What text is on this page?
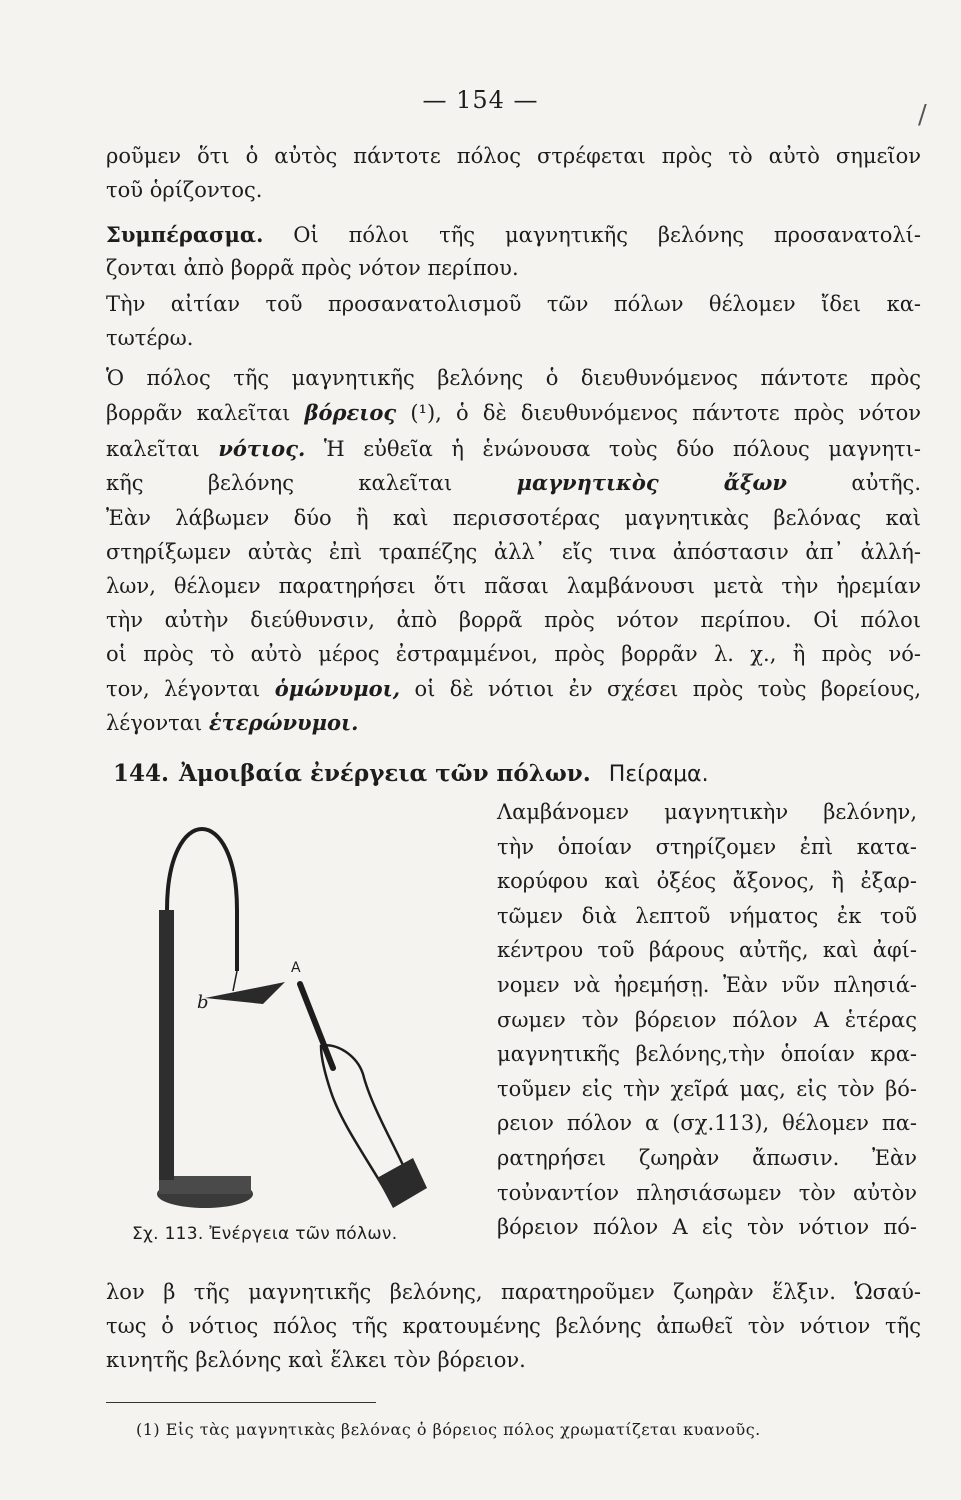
— 154 —
ροῦμεν ὅτι ὁ αὐτὸς πάντοτε πόλος στρέφεται πρὸς τὸ αὐτὸ σημεῖον
τοῦ ὁρίζοντος.
Συμπέρασμα. Οἱ πόλοι τῆς μαγνητικῆς βελόνης προσανατολί-
ζονται ἀπὸ βορρᾶ πρὸς νότον περίπου.
Τὴν αἰτίαν τοῦ προσανατολισμοῦ τῶν πόλων θέλομεν ἴδει κα-
τωτέρω.
Ὁ πόλος τῆς μαγνητικῆς βελόνης ὁ διευθυνόμενος πάντοτε πρὸς
βορρᾶν καλεῖται βόρειος (¹), ὁ δὲ διευθυνόμενος πάντοτε πρὸς νότον
καλεῖται νότιος. Ἡ εὐθεῖα ἡ ἑνώνουσα τοὺς δύο πόλους μαγνητι-
κῆς βελόνης καλεῖται μαγνητικὸς ἄξων αὐτῆς.
Ἐὰν λάβωμεν δύο ἢ καὶ περισσοτέρας μαγνητικὰς βελόνας καὶ
στηρίξωμεν αὐτὰς ἐπὶ τραπέζης ἀλλ᾿ εἴς τινα ἀπόστασιν ἀπ᾿ ἀλλή-
λων, θέλομεν παρατηρήσει ὅτι πᾶσαι λαμβάνουσι μετὰ τὴν ἠρεμίαν
τὴν αὐτὴν διεύθυνσιν, ἀπὸ βορρᾶ πρὸς νότον περίπου. Οἱ πόλοι
οἱ πρὸς τὸ αὐτὸ μέρος ἐστραμμένοι, πρὸς βορρᾶν λ. χ., ἢ πρὸς νό-
τον, λέγονται ὁμώνυμοι, οἱ δὲ νότιοι ἐν σχέσει πρὸς τοὺς βορείους,
λέγονται ἑτερώνυμοι.
144. Ἀμοιβαία ἐνέργεια τῶν πόλων. Πείραμα.
Λαμβάνομεν μαγνητικὴν βελόνην,
τὴν ὁποίαν στηρίζομεν ἐπὶ κατα-
κορύφου καὶ ὀξέος ἄξονος, ἢ ἐξαρ-
τῶμεν διὰ λεπτοῦ νήματος ἐκ τοῦ
κέντρου τοῦ βάρους αὐτῆς, καὶ ἀφί-
νομεν νὰ ἠρεμήσῃ. Ἐὰν νῦν πλησιά-
σωμεν τὸν βόρειον πόλον Α ἑτέρας
μαγνητικῆς βελόνης,τὴν ὁποίαν κρα-
τοῦμεν εἰς τὴν χεῖρά μας, εἰς τὸν βό-
ρειον πόλον α (σχ.113), θέλομεν πα-
ρατηρήσει ζωηρὰν ἄπωσιν. Ἐὰν
τοὐναντίον πλησιάσωμεν τὸν αὐτὸν
βόρειον πόλον Α εἰς τὸν νότιον πό-
b
A
Σχ. 113. Ἐνέργεια τῶν πόλων.
λον β τῆς μαγνητικῆς βελόνης, παρατηροῦμεν ζωηρὰν ἕλξιν. Ὡσαύ-
τως ὁ νότιος πόλος τῆς κρατουμένης βελόνης ἀπωθεῖ τὸν νότιον τῆς
κινητῆς βελόνης καὶ ἕλκει τὸν βόρειον.
(1) Εἰς τὰς μαγνητικὰς βελόνας ὁ βόρειος πόλος χρωματίζεται κυανοῦς.
/
